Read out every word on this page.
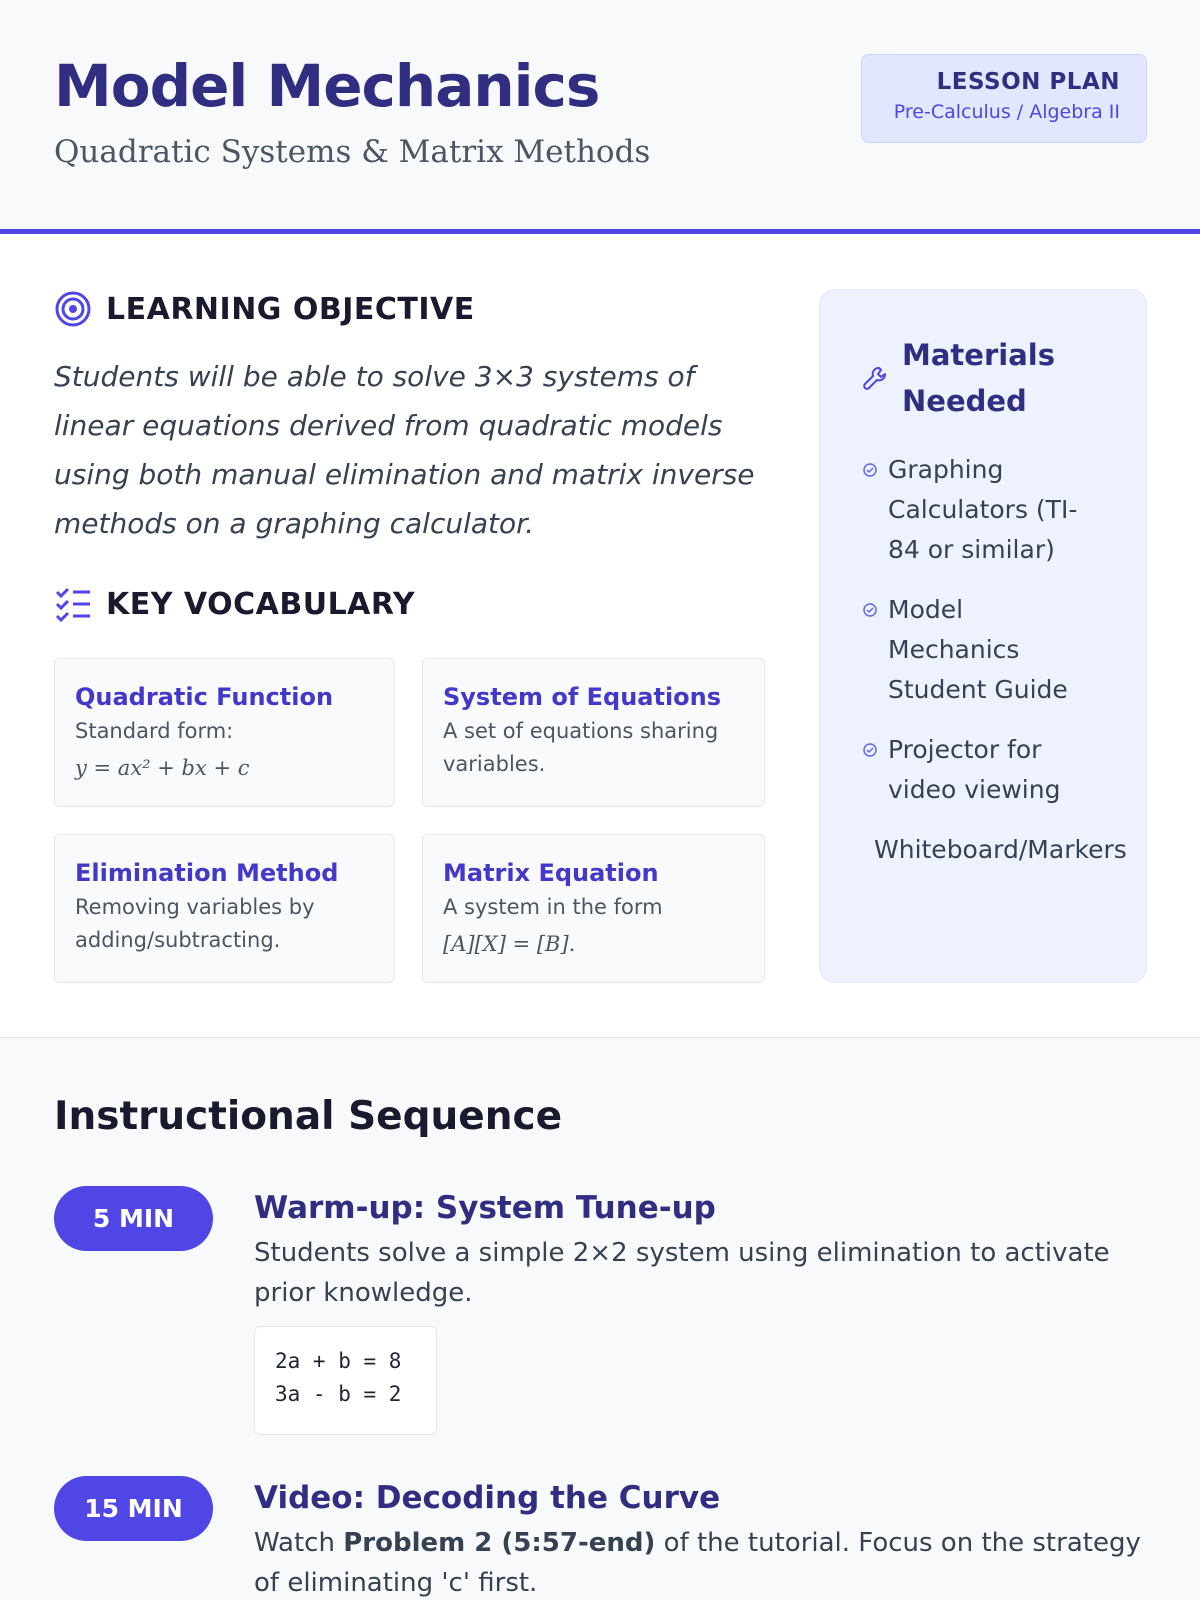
Model Mechanics
Quadratic Systems & Matrix Methods
LESSON PLAN
Pre-Calculus / Algebra II
LEARNING OBJECTIVE
Students will be able to solve 3×3 systems of linear equations derived from quadratic models using both manual elimination and matrix inverse methods on a graphing calculator.
KEY VOCABULARY
Quadratic Function
Standard form:
y = ax² + bx + c
System of Equations
A set of equations sharing variables.
Elimination Method
Removing variables by adding/subtracting.
Matrix Equation
A system in the form
[A][X] = [B].
Materials Needed
Graphing Calculators (TI-84 or similar)
Model Mechanics Student Guide
Projector for video viewing
Whiteboard/Markers
Instructional Sequence
5 MIN	Warm-up: System Tune-up
Students solve a simple 2×2 system using elimination to activate prior knowledge.
2a + b = 8
3a - b = 2
15 MIN	Video: Decoding the Curve
Watch Problem 2 (5:57-end) of the tutorial. Focus on the strategy of eliminating 'c' first.
